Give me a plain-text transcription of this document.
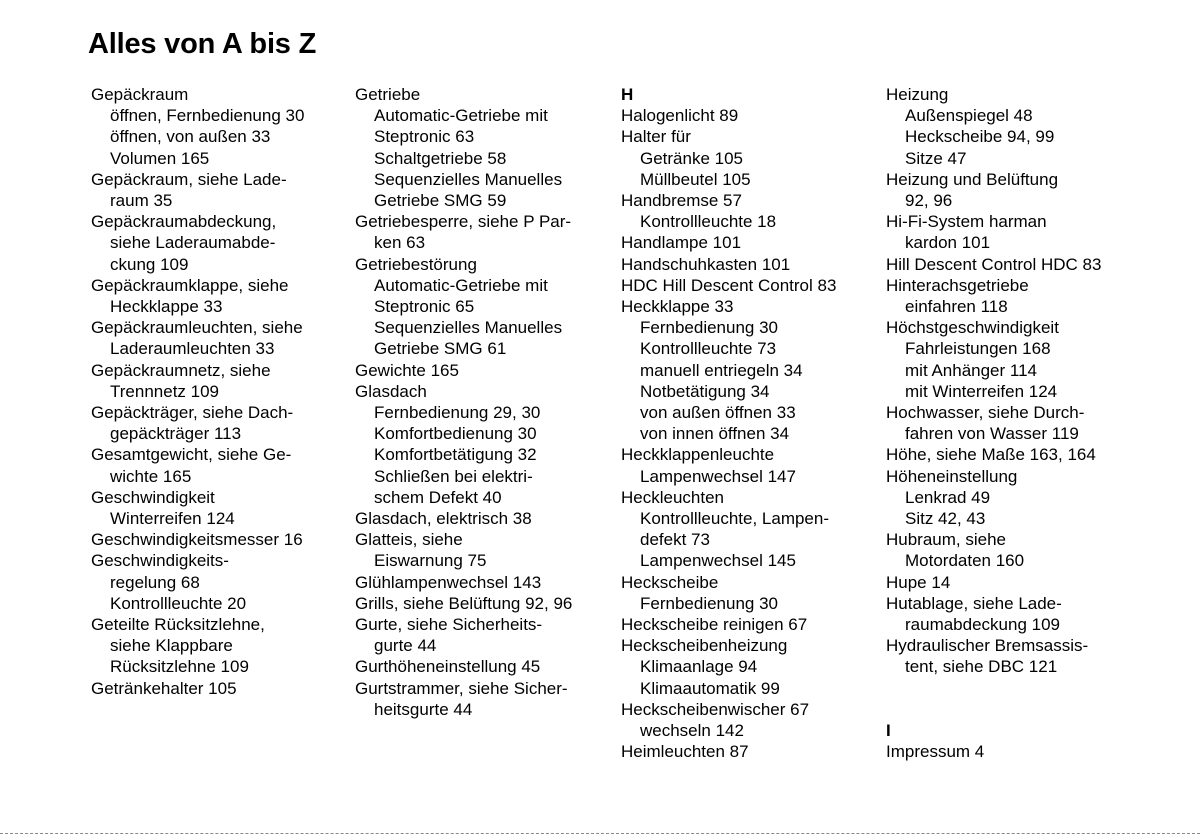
Alles von A bis Z
Gepäckraum
öffnen, Fernbedienung 30
öffnen, von außen 33
Volumen 165
Gepäckraum, siehe Lade-
raum 35
Gepäckraumabdeckung,
siehe Laderaumabde-
ckung 109
Gepäckraumklappe, siehe
Heckklappe 33
Gepäckraumleuchten, siehe
Laderaumleuchten 33
Gepäckraumnetz, siehe
Trennnetz 109
Gepäckträger, siehe Dach-
gepäckträger 113
Gesamtgewicht, siehe Ge-
wichte 165
Geschwindigkeit
Winterreifen 124
Geschwindigkeitsmesser 16
Geschwindigkeits-
regelung 68
Kontrollleuchte 20
Geteilte Rücksitzlehne,
siehe Klappbare
Rücksitzlehne 109
Getränkehalter 105
Getriebe
Automatic-Getriebe mit
Steptronic 63
Schaltgetriebe 58
Sequenzielles Manuelles
Getriebe SMG 59
Getriebesperre, siehe P Par-
ken 63
Getriebestörung
Automatic-Getriebe mit
Steptronic 65
Sequenzielles Manuelles
Getriebe SMG 61
Gewichte 165
Glasdach
Fernbedienung 29, 30
Komfortbedienung 30
Komfortbetätigung 32
Schließen bei elektri-
schem Defekt 40
Glasdach, elektrisch 38
Glatteis, siehe
Eiswarnung 75
Glühlampenwechsel 143
Grills, siehe Belüftung 92, 96
Gurte, siehe Sicherheits-
gurte 44
Gurthöheneinstellung 45
Gurtstrammer, siehe Sicher-
heitsgurte 44
H
Halogenlicht 89
Halter für
Getränke 105
Müllbeutel 105
Handbremse 57
Kontrollleuchte 18
Handlampe 101
Handschuhkasten 101
HDC Hill Descent Control 83
Heckklappe 33
Fernbedienung 30
Kontrollleuchte 73
manuell entriegeln 34
Notbetätigung 34
von außen öffnen 33
von innen öffnen 34
Heckklappenleuchte
Lampenwechsel 147
Heckleuchten
Kontrollleuchte, Lampen-
defekt 73
Lampenwechsel 145
Heckscheibe
Fernbedienung 30
Heckscheibe reinigen 67
Heckscheibenheizung
Klimaanlage 94
Klimaautomatik 99
Heckscheibenwischer 67
wechseln 142
Heimleuchten 87
Heizung
Außenspiegel 48
Heckscheibe 94, 99
Sitze 47
Heizung und Belüftung
92, 96
Hi-Fi-System harman
kardon 101
Hill Descent Control HDC 83
Hinterachsgetriebe
einfahren 118
Höchstgeschwindigkeit
Fahrleistungen 168
mit Anhänger 114
mit Winterreifen 124
Hochwasser, siehe Durch-
fahren von Wasser 119
Höhe, siehe Maße 163, 164
Höheneinstellung
Lenkrad 49
Sitz 42, 43
Hubraum, siehe
Motordaten 160
Hupe 14
Hutablage, siehe Lade-
raumabdeckung 109
Hydraulischer Bremsassis-
tent, siehe DBC 121
I
Impressum 4
